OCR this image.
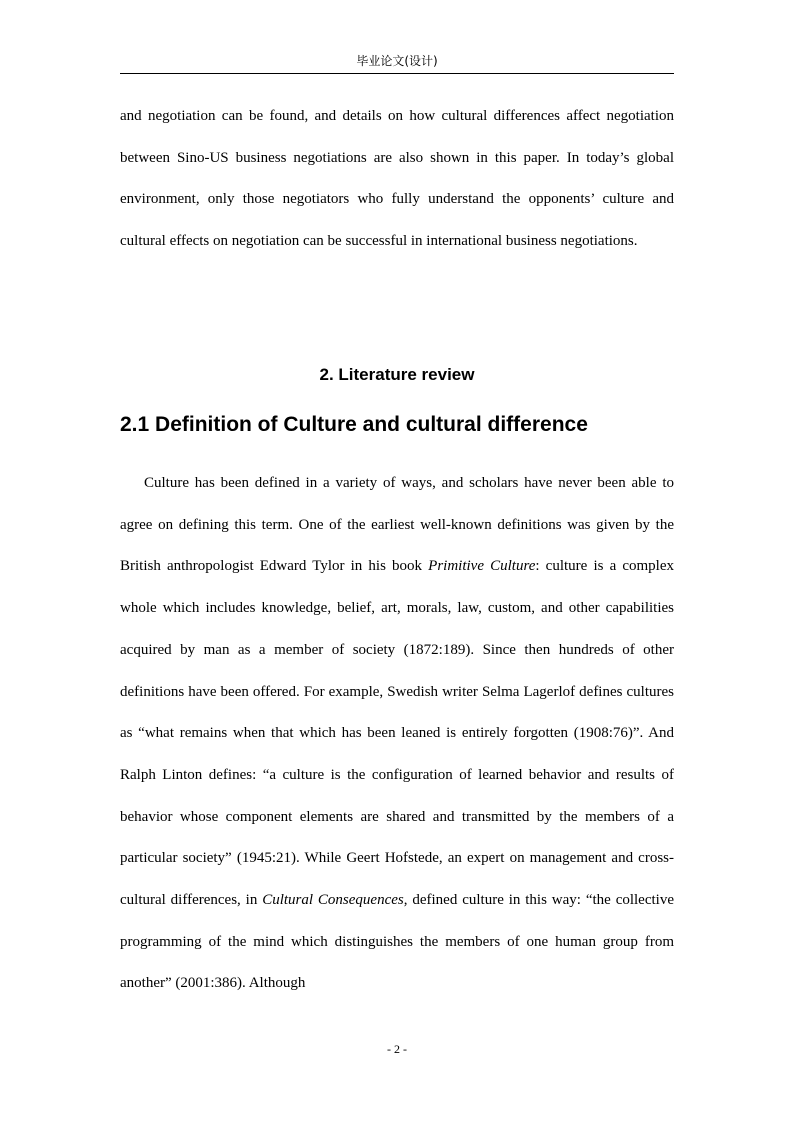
毕业论文(设计)

and negotiation can be found, and details on how cultural differences affect negotiation between Sino-US business negotiations are also shown in this paper. In today’s global environment, only those negotiators who fully understand the opponents’ culture and cultural effects on negotiation can be successful in international business negotiations.

2. Literature review
2.1 Definition of Culture and cultural difference

Culture has been defined in a variety of ways, and scholars have never been able to agree on defining this term. One of the earliest well-known definitions was given by the British anthropologist Edward Tylor in his book Primitive Culture: culture is a complex whole which includes knowledge, belief, art, morals, law, custom, and other capabilities acquired by man as a member of society (1872:189). Since then hundreds of other definitions have been offered. For example, Swedish writer Selma Lagerlof defines cultures as “what remains when that which has been leaned is entirely forgotten (1908:76)”. And Ralph Linton defines: “a culture is the configuration of learned behavior and results of behavior whose component elements are shared and transmitted by the members of a particular society” (1945:21). While Geert Hofstede, an expert on management and cross-cultural differences, in Cultural Consequences, defined culture in this way: “the collective programming of the mind which distinguishes the members of one human group from another” (2001:386). Although

- 2 -
